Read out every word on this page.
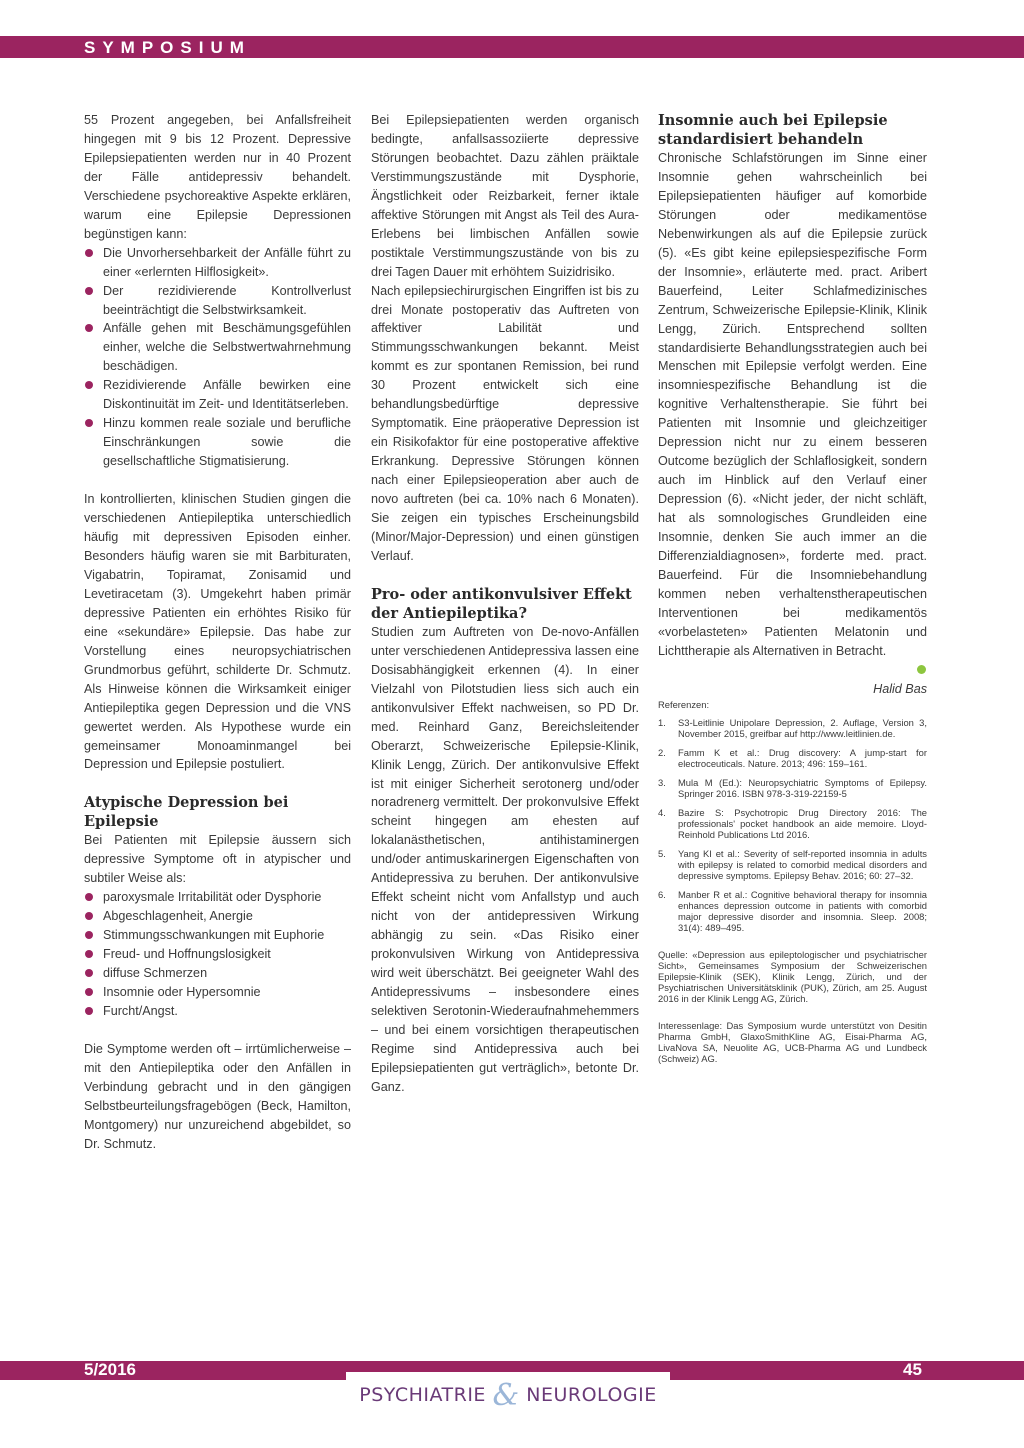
SYMPOSIUM

55 Prozent angegeben, bei Anfallsfreiheit hingegen mit 9 bis 12 Prozent. Depressive Epilepsiepatienten werden nur in 40 Prozent der Fälle antidepressiv behandelt. Verschiedene psychoreaktive Aspekte erklären, warum eine Epilepsie Depressionen begünstigen kann:

Die Unvorhersehbarkeit der Anfälle führt zu einer «erlernten Hilflosigkeit».
Der rezidivierende Kontrollverlust beeinträchtigt die Selbstwirksamkeit.
Anfälle gehen mit Beschämungsgefühlen einher, welche die Selbstwertwahrnehmung beschädigen.
Rezidivierende Anfälle bewirken eine Diskontinuität im Zeit- und Identitätserleben.
Hinzu kommen reale soziale und berufliche Einschränkungen sowie die gesellschaftliche Stigmatisierung.

In kontrollierten, klinischen Studien gingen die verschiedenen Antiepileptika unterschiedlich häufig mit depressiven Episoden einher. Besonders häufig waren sie mit Barbituraten, Vigabatrin, Topiramat, Zonisamid und Levetiracetam (3). Umgekehrt haben primär depressive Patienten ein erhöhtes Risiko für eine «sekundäre» Epilepsie. Das habe zur Vorstellung eines neuropsychiatrischen Grundmorbus geführt, schilderte Dr. Schmutz. Als Hinweise können die Wirksamkeit einiger Antiepileptika gegen Depression und die VNS gewertet werden. Als Hypothese wurde ein gemeinsamer Monoaminmangel bei Depression und Epilepsie postuliert.

Atypische Depression bei Epilepsie

Bei Patienten mit Epilepsie äussern sich depressive Symptome oft in atypischer und subtiler Weise als:

paroxysmale Irritabilität oder Dysphorie
Abgeschlagenheit, Anergie
Stimmungsschwankungen mit Euphorie
Freud- und Hoffnungslosigkeit
diffuse Schmerzen
Insomnie oder Hypersomnie
Furcht/Angst.

Die Symptome werden oft – irrtümlicherweise – mit den Antiepileptika oder den Anfällen in Verbindung gebracht und in den gängigen Selbstbeurteilungsfragebögen (Beck, Hamilton, Montgomery) nur unzureichend abgebildet, so Dr. Schmutz.

Bei Epilepsiepatienten werden organisch bedingte, anfallsassoziierte depressive Störungen beobachtet. Dazu zählen präiktale Verstimmungszustände mit Dysphorie, Ängstlichkeit oder Reizbarkeit, ferner iktale affektive Störungen mit Angst als Teil des Aura-Erlebens bei limbischen Anfällen sowie postiktale Verstimmungszustände von bis zu drei Tagen Dauer mit erhöhtem Suizidrisiko.

Nach epilepsiechirurgischen Eingriffen ist bis zu drei Monate postoperativ das Auftreten von affektiver Labilität und Stimmungsschwankungen bekannt. Meist kommt es zur spontanen Remission, bei rund 30 Prozent entwickelt sich eine behandlungsbedürftige depressive Symptomatik. Eine präoperative Depression ist ein Risikofaktor für eine postoperative affektive Erkrankung. Depressive Störungen können nach einer Epilepsieoperation aber auch de novo auftreten (bei ca. 10% nach 6 Monaten). Sie zeigen ein typisches Erscheinungsbild (Minor/Major-Depression) und einen günstigen Verlauf.

Pro- oder antikonvulsiver Effekt der Antiepileptika?

Studien zum Auftreten von De-novo-Anfällen unter verschiedenen Antidepressiva lassen eine Dosisabhängigkeit erkennen (4). In einer Vielzahl von Pilotstudien liess sich auch ein antikonvulsiver Effekt nachweisen, so PD Dr. med. Reinhard Ganz, Bereichsleitender Oberarzt, Schweizerische Epilepsie-Klinik, Klinik Lengg, Zürich. Der antikonvulsive Effekt ist mit einiger Sicherheit serotonerg und/oder noradrenerg vermittelt. Der prokonvulsive Effekt scheint hingegen am ehesten auf lokalanästhetischen, antihistaminergen und/oder antimuskarinergen Eigenschaften von Antidepressiva zu beruhen. Der antikonvulsive Effekt scheint nicht vom Anfallstyp und auch nicht von der antidepressiven Wirkung abhängig zu sein. «Das Risiko einer prokonvulsiven Wirkung von Antidepressiva wird weit überschätzt. Bei geeigneter Wahl des Antidepressivums – insbesondere eines selektiven Serotonin-Wiederaufnahmehemmers – und bei einem vorsichtigen therapeutischen Regime sind Antidepressiva auch bei Epilepsiepatienten gut verträglich», betonte Dr. Ganz.

Insomnie auch bei Epilepsie standardisiert behandeln

Chronische Schlafstörungen im Sinne einer Insomnie gehen wahrscheinlich bei Epilepsiepatienten häufiger auf komorbide Störungen oder medikamentöse Nebenwirkungen als auf die Epilepsie zurück (5). «Es gibt keine epilepsiespezifische Form der Insomnie», erläuterte med. pract. Aribert Bauerfeind, Leiter Schlafmedizinisches Zentrum, Schweizerische Epilepsie-Klinik, Klinik Lengg, Zürich. Entsprechend sollten standardisierte Behandlungsstrategien auch bei Menschen mit Epilepsie verfolgt werden. Eine insomniespezifische Behandlung ist die kognitive Verhaltenstherapie. Sie führt bei Patienten mit Insomnie und gleichzeitiger Depression nicht nur zu einem besseren Outcome bezüglich der Schlaflosigkeit, sondern auch im Hinblick auf den Verlauf einer Depression (6). «Nicht jeder, der nicht schläft, hat als somnologisches Grundleiden eine Insomnie, denken Sie auch immer an die Differenzialdiagnosen», forderte med. pract. Bauerfeind. Für die Insomniebehandlung kommen neben verhaltenstherapeutischen Interventionen bei medikamentös «vorbelasteten» Patienten Melatonin und Lichttherapie als Alternativen in Betracht.

Halid Bas

Referenzen:

1. S3-Leitlinie Unipolare Depression, 2. Auflage, Version 3, November 2015, greifbar auf http://www.leitlinien.de.
2. Famm K et al.: Drug discovery: A jump-start for electroceuticals. Nature. 2013; 496: 159–161.
3. Mula M (Ed.): Neuropsychiatric Symptoms of Epilepsy. Springer 2016. ISBN 978-3-319-22159-5
4. Bazire S: Psychotropic Drug Directory 2016: The professionals' pocket handbook an aide memoire. Lloyd-Reinhold Publications Ltd 2016.
5. Yang KI et al.: Severity of self-reported insomnia in adults with epilepsy is related to comorbid medical disorders and depressive symptoms. Epilepsy Behav. 2016; 60: 27–32.
6. Manber R et al.: Cognitive behavioral therapy for insomnia enhances depression outcome in patients with comorbid major depressive disorder and insomnia. Sleep. 2008; 31(4): 489–495.

Quelle: «Depression aus epileptologischer und psychiatrischer Sicht», Gemeinsames Symposium der Schweizerischen Epilepsie-Klinik (SEK), Klinik Lengg, Zürich, und der Psychiatrischen Universitätsklinik (PUK), Zürich, am 25. August 2016 in der Klinik Lengg AG, Zürich.

Interessenlage: Das Symposium wurde unterstützt von Desitin Pharma GmbH, GlaxoSmithKline AG, Eisai-Pharma AG, LivaNova SA, Neuolite AG, UCB-Pharma AG und Lundbeck (Schweiz) AG.

5/2016	45
PSYCHIATRIE & NEUROLOGIE
